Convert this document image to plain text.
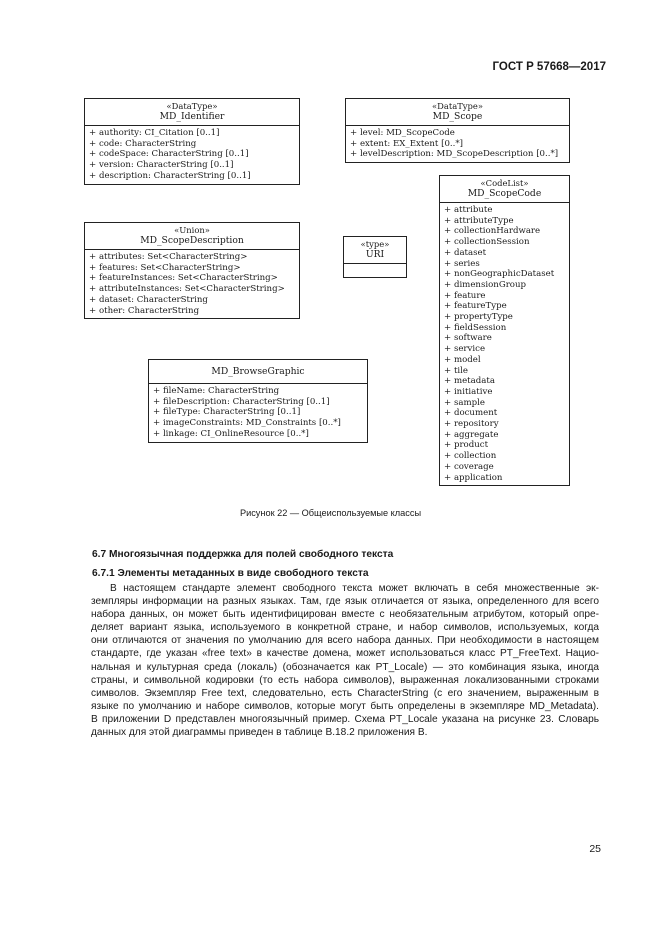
ГОСТ Р 57668—2017
«DataType»
MD_Identifier
+ authority: CI_Citation [0..1]
+ code: CharacterString
+ codeSpace: CharacterString [0..1]
+ version: CharacterString [0..1]
+ description: CharacterString [0..1]
«DataType»
MD_Scope
+ level: MD_ScopeCode
+ extent: EX_Extent [0..*]
+ levelDescription: MD_ScopeDescription [0..*]
«Union»
MD_ScopeDescription
+ attributes: Set<CharacterString>
+ features: Set<CharacterString>
+ featureInstances: Set<CharacterString>
+ attributeInstances: Set<CharacterString>
+ dataset: CharacterString
+ other: CharacterString
«type»
URI
«CodeList»
MD_ScopeCode
+ attribute
+ attributeType
+ collectionHardware
+ collectionSession
+ dataset
+ series
+ nonGeographicDataset
+ dimensionGroup
+ feature
+ featureType
+ propertyType
+ fieldSession
+ software
+ service
+ model
+ tile
+ metadata
+ initiative
+ sample
+ document
+ repository
+ aggregate
+ product
+ collection
+ coverage
+ application
MD_BrowseGraphic
+ fileName: CharacterString
+ fileDescription: CharacterString [0..1]
+ fileType: CharacterString [0..1]
+ imageConstraints: MD_Constraints [0..*]
+ linkage: CI_OnlineResource [0..*]
Рисунок 22 — Общеиспользуемые классы
6.7 Многоязычная поддержка для полей свободного текста
6.7.1 Элементы метаданных в виде свободного текста
В настоящем стандарте элемент свободного текста может включать в себя множественные эк-
земпляры информации на разных языках. Там, где язык отличается от языка, определенного для всего
набора данных, он может быть идентифицирован вместе с необязательным атрибутом, который опре-
деляет вариант языка, используемого в конкретной стране, и набор символов, используемых, когда
они отличаются от значения по умолчанию для всего набора данных. При необходимости в настоящем
стандарте, где указан «free text» в качестве домена, может использоваться класс PT_FreeText. Нацио-
нальная и культурная среда (локаль) (обозначается как PT_Locale) — это комбинация языка, иногда
страны, и символьной кодировки (то есть набора символов), выраженная локализованными строками
символов. Экземпляр Free text, следовательно, есть CharacterString (с его значением, выраженным в
языке по умолчанию и наборе символов, которые могут быть определены в экземпляре MD_Metadata).
В приложении D представлен многоязычный пример. Схема PT_Locale указана на рисунке 23. Словарь
данных для этой диаграммы приведен в таблице В.18.2 приложения В.
25
